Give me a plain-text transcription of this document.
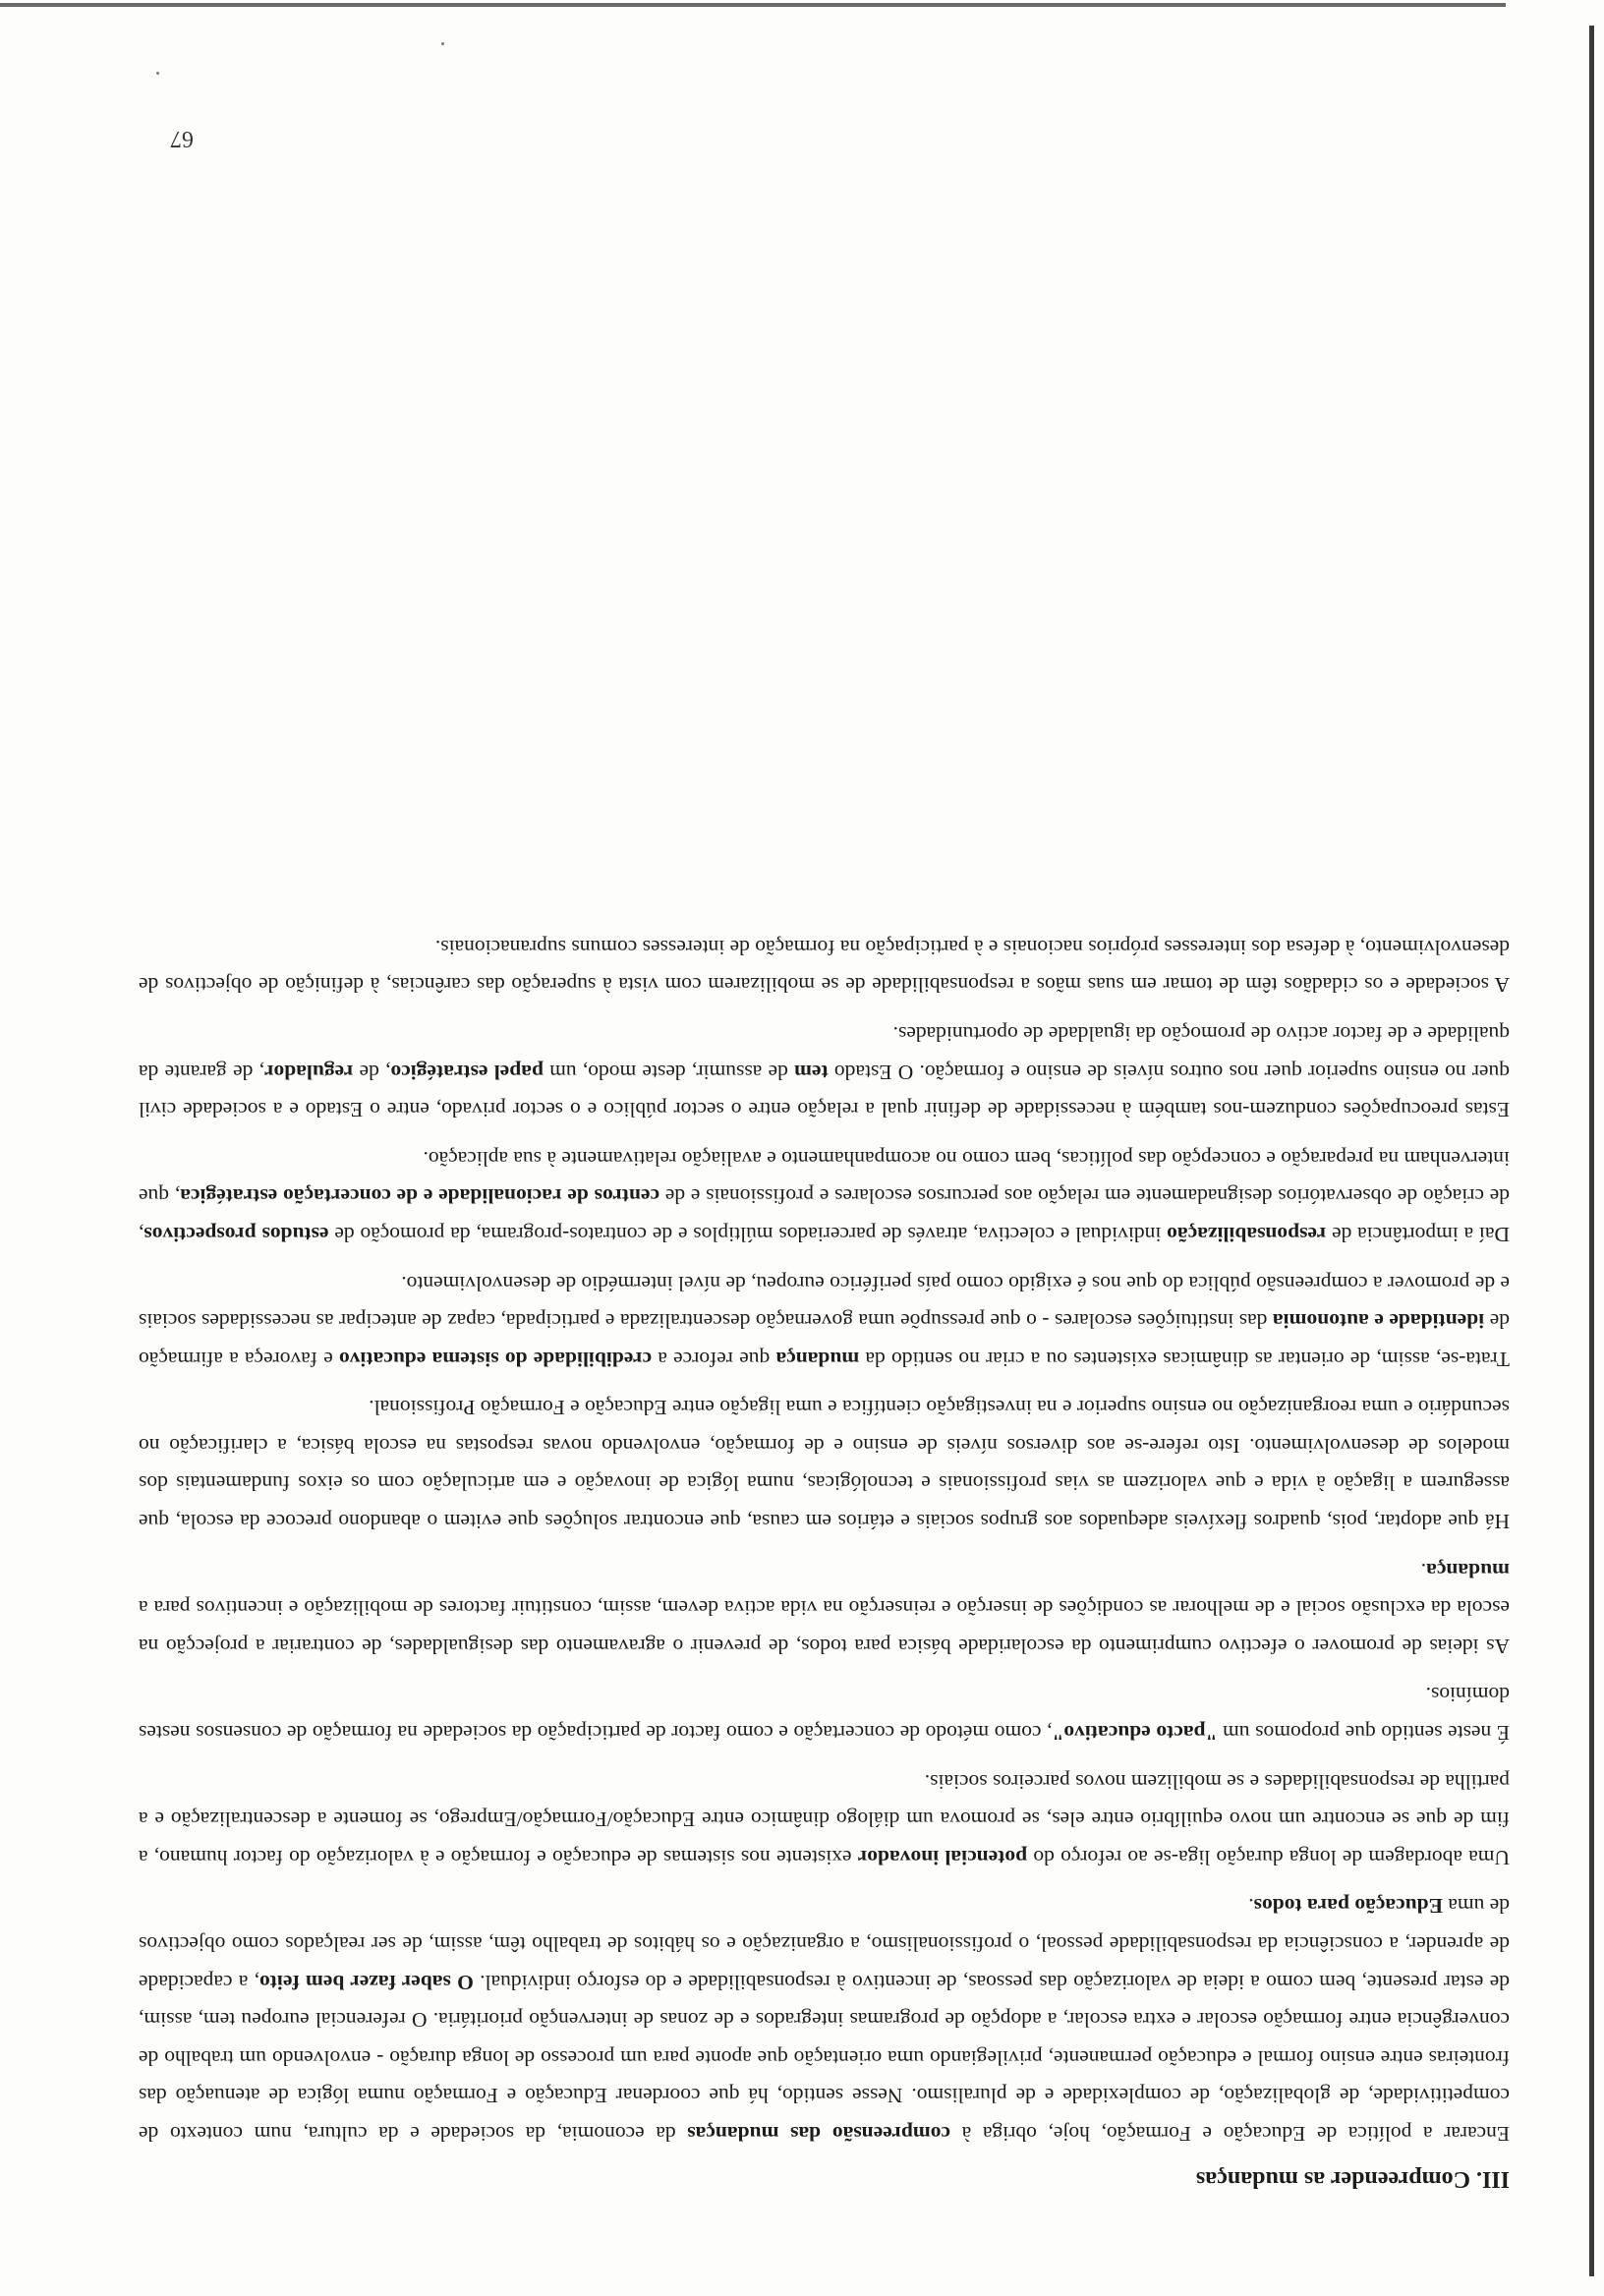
III. Compreender as mudanças

Encarar a política de Educação e Formação, hoje, obriga à compreensão das mudanças da economia, da sociedade e da cultura, num contexto de competitividade, de globalização, de complexidade e de pluralismo. Nesse sentido, há que coordenar Educação e Formação numa lógica de atenuação das fronteiras entre ensino formal e educação permanente, privilegiando uma orientação que aponte para um processo de longa duração - envolvendo um trabalho de convergência entre formação escolar e extra escolar, a adopção de programas integrados e de zonas de intervenção prioritária. O referencial europeu tem, assim, de estar presente, bem como a ideia de valorização das pessoas, de incentivo à responsabilidade e do esforço individual. O saber fazer bem feito, a capacidade de aprender, a consciência da responsabilidade pessoal, o profissionalismo, a organização e os hábitos de trabalho têm, assim, de ser realçados como objectivos de uma Educação para todos.

Uma abordagem de longa duração liga-se ao reforço do potencial inovador existente nos sistemas de educação e formação e à valorização do factor humano, a fim de que se encontre um novo equilíbrio entre eles, se promova um diálogo dinâmico entre Educação/Formação/Emprego, se fomente a descentralização e a partilha de responsabilidades e se mobilizem novos parceiros sociais.

É neste sentido que propomos um "pacto educativo", como método de concertação e como factor de participação da sociedade na formação de consensos nestes domínios.

As ideias de promover o efectivo cumprimento da escolaridade básica para todos, de prevenir o agravamento das desigualdades, de contrariar a projecção na escola da exclusão social e de melhorar as condições de inserção e reinserção na vida activa devem, assim, constituir factores de mobilização e incentivos para a mudança.

Há que adoptar, pois, quadros flexíveis adequados aos grupos sociais e etários em causa, que encontrar soluções que evitem o abandono precoce da escola, que assegurem a ligação à vida e que valorizem as vias profissionais e tecnológicas, numa lógica de inovação e em articulação com os eixos fundamentais dos modelos de desenvolvimento. Isto refere-se aos diversos níveis de ensino e de formação, envolvendo novas respostas na escola básica, a clarificação no secundário e uma reorganização no ensino superior e na investigação científica e uma ligação entre Educação e Formação Profissional.

Trata-se, assim, de orientar as dinâmicas existentes ou a criar no sentido da mudança que reforce a credibilidade do sistema educativo e favoreça a afirmação de identidade e autonomia das instituições escolares - o que pressupõe uma governação descentralizada e participada, capaz de antecipar as necessidades sociais e de promover a compreensão pública do que nos é exigido como país periférico europeu, de nível intermédio de desenvolvimento.

Daí a importância de responsabilização individual e colectiva, através de parceriados múltiplos e de contratos-programa, da promoção de estudos prospectivos, de criação de observatórios designadamente em relação aos percursos escolares e profissionais e de centros de racionalidade e de concertação estratégica, que intervenham na preparação e concepção das políticas, bem como no acompanhamento e avaliação relativamente à sua aplicação.

Estas preocupações conduzem-nos também à necessidade de definir qual a relação entre o sector público e o sector privado, entre o Estado e a sociedade civil quer no ensino superior quer nos outros níveis de ensino e formação. O Estado tem de assumir, deste modo, um papel estratégico, de regulador, de garante da qualidade e de factor activo de promoção da igualdade de oportunidades.

A sociedade e os cidadãos têm de tomar em suas mãos a responsabilidade de se mobilizarem com vista à superação das carências, à definição de objectivos de desenvolvimento, à defesa dos interesses próprios nacionais e à participação na formação de interesses comuns supranacionais.

67
